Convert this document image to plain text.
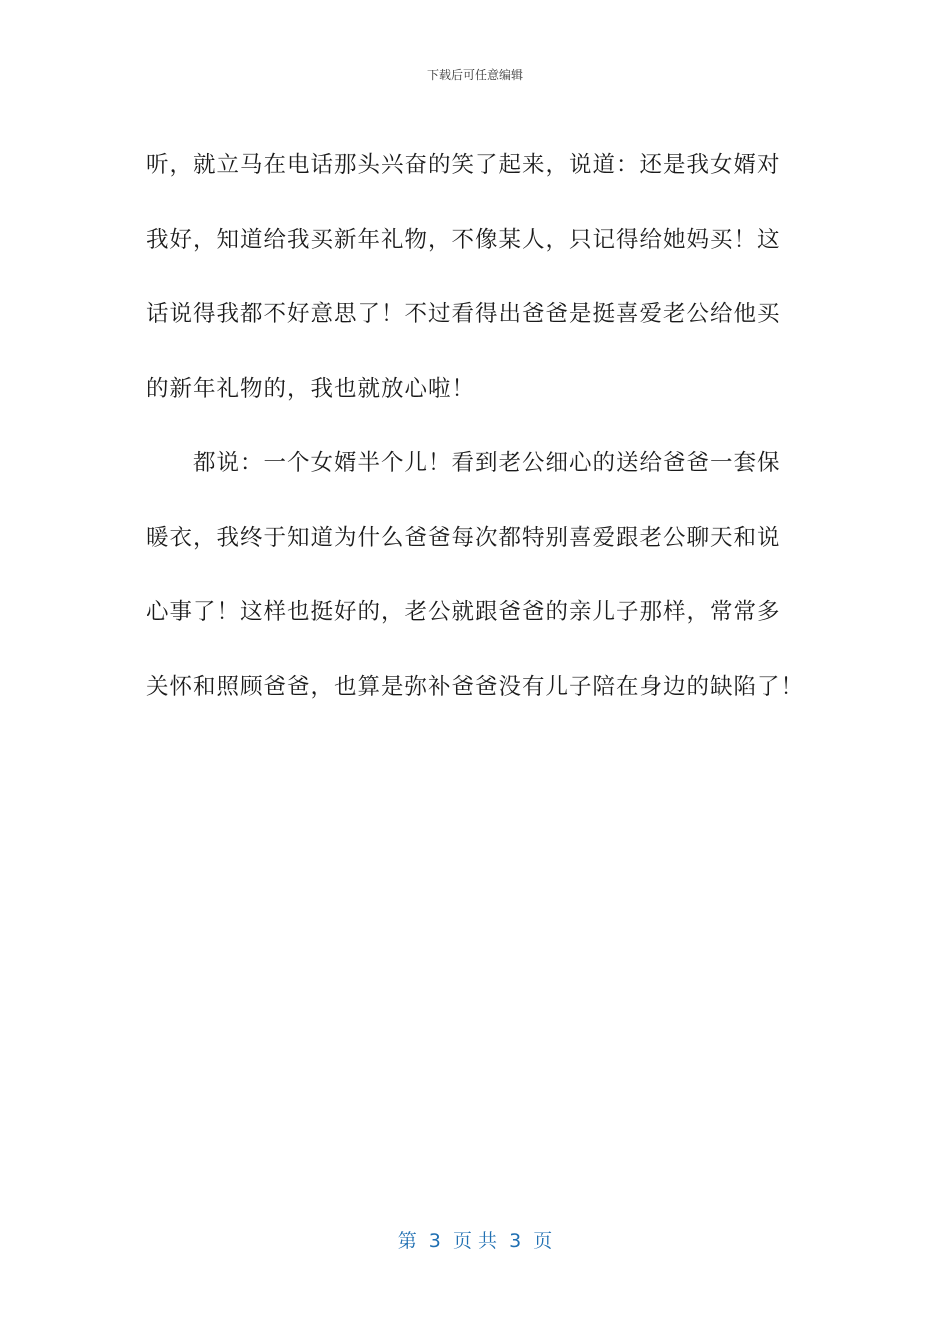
下载后可任意编辑
听，就立马在电话那头兴奋的笑了起来，说道：还是我女婿对
我好，知道给我买新年礼物，不像某人，只记得给她妈买！这
话说得我都不好意思了！不过看得出爸爸是挺喜爱老公给他买
的新年礼物的，我也就放心啦！
都说：一个女婿半个儿！看到老公细心的送给爸爸一套保
暖衣，我终于知道为什么爸爸每次都特别喜爱跟老公聊天和说
心事了！这样也挺好的，老公就跟爸爸的亲儿子那样，常常多
关怀和照顾爸爸，也算是弥补爸爸没有儿子陪在身边的缺陷了！
第  3  页 共  3  页
